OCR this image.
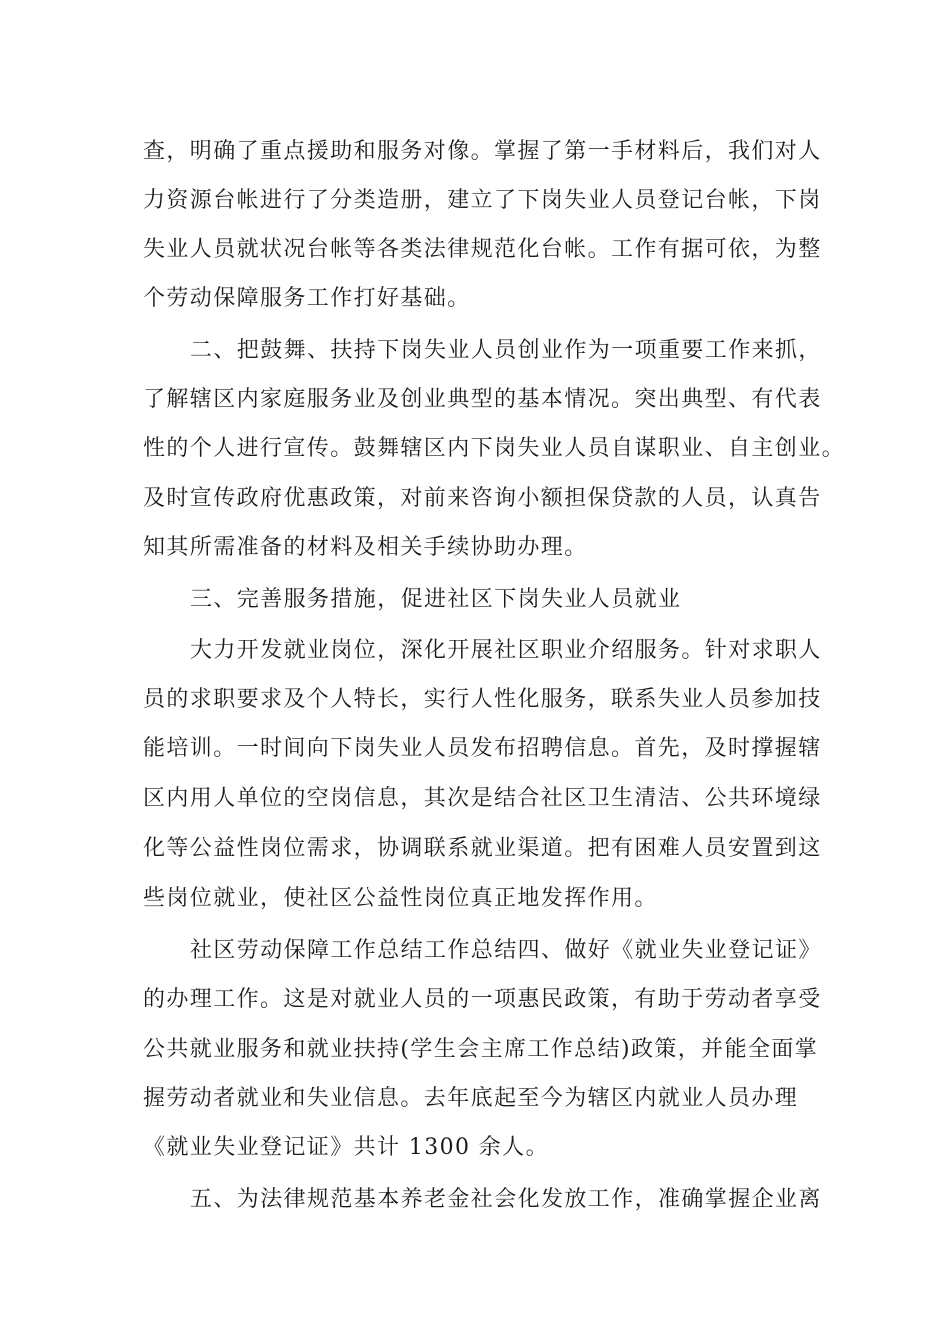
查，明确了重点援助和服务对像。掌握了第一手材料后，我们对人
力资源台帐进行了分类造册，建立了下岗失业人员登记台帐，下岗
失业人员就状况台帐等各类法律规范化台帐。工作有据可依，为整
个劳动保障服务工作打好基础。
二、把鼓舞、扶持下岗失业人员创业作为一项重要工作来抓，
了解辖区内家庭服务业及创业典型的基本情况。突出典型、有代表
性的个人进行宣传。鼓舞辖区内下岗失业人员自谋职业、自主创业。
及时宣传政府优惠政策，对前来咨询小额担保贷款的人员，认真告
知其所需准备的材料及相关手续协助办理。
三、完善服务措施，促进社区下岗失业人员就业
大力开发就业岗位，深化开展社区职业介绍服务。针对求职人
员的求职要求及个人特长，实行人性化服务，联系失业人员参加技
能培训。一时间向下岗失业人员发布招聘信息。首先，及时撑握辖
区内用人单位的空岗信息，其次是结合社区卫生清洁、公共环境绿
化等公益性岗位需求，协调联系就业渠道。把有困难人员安置到这
些岗位就业，使社区公益性岗位真正地发挥作用。
社区劳动保障工作总结工作总结四、做好《就业失业登记证》
的办理工作。这是对就业人员的一项惠民政策，有助于劳动者享受
公共就业服务和就业扶持(学生会主席工作总结)政策，并能全面掌
握劳动者就业和失业信息。去年底起至今为辖区内就业人员办理
《就业失业登记证》共计 1300 余人。
五、为法律规范基本养老金社会化发放工作，准确掌握企业离
